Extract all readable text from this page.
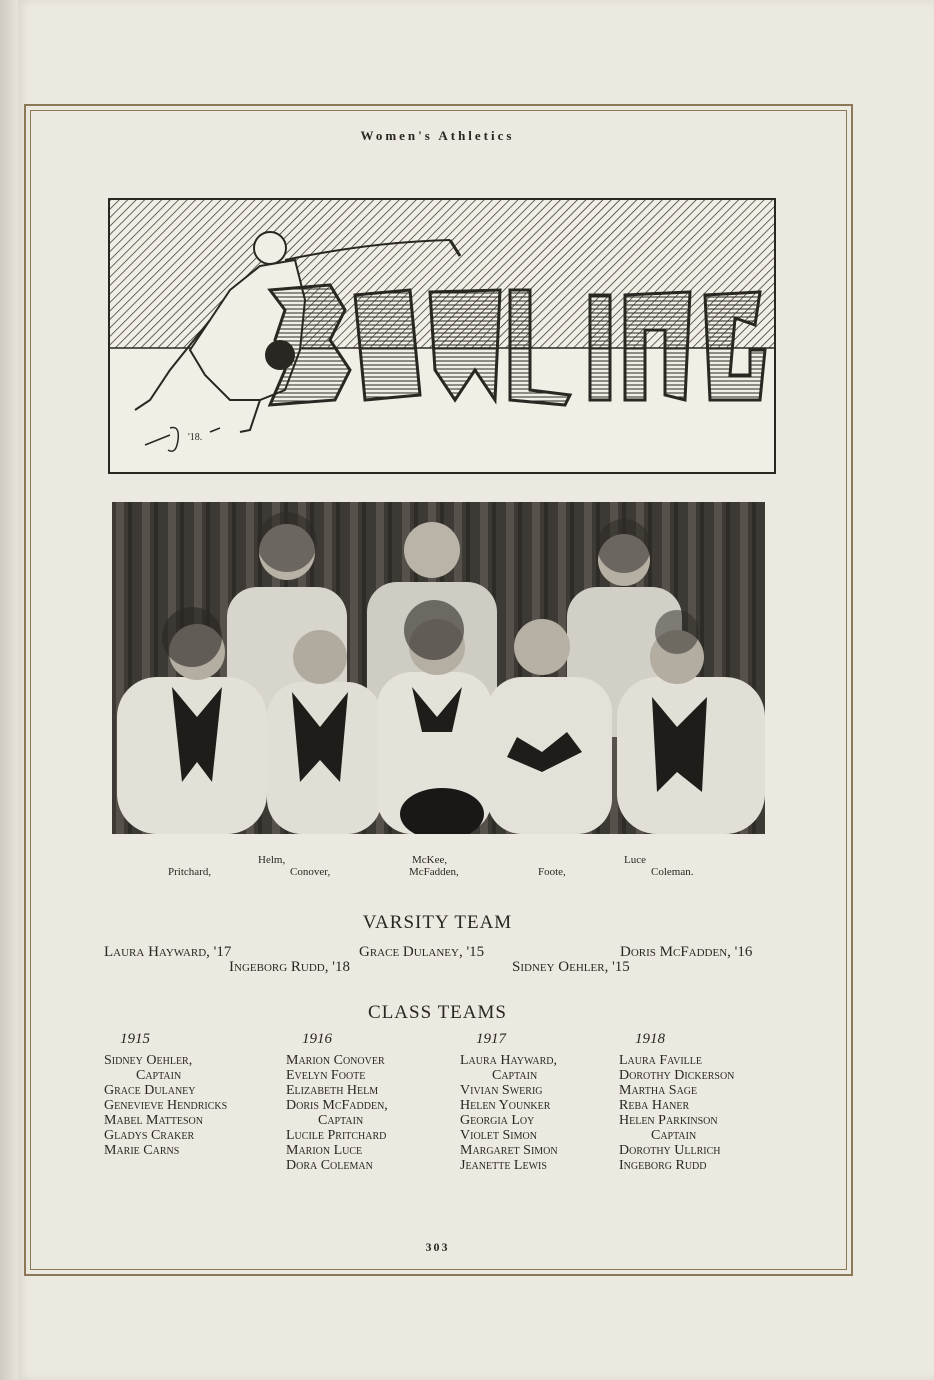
Women's Athletics
'18.
Helm,	McKee,	Luce
Pritchard,	Conover,	McFadden,	Foote,	Coleman.
VARSITY TEAM
Laura Hayward, '17	Grace Dulaney, '15	Doris McFadden, '16
Ingeborg Rudd, '18	Sidney Oehler, '15
CLASS TEAMS
1915
Sidney Oehler,
Captain
Grace Dulaney
Genevieve Hendricks
Mabel Matteson
Gladys Craker
Marie Carns
1916
Marion Conover
Evelyn Foote
Elizabeth Helm
Doris McFadden,
Captain
Lucile Pritchard
Marion Luce
Dora Coleman
1917
Laura Hayward,
Captain
Vivian Swerig
Helen Younker
Georgia Loy
Violet Simon
Margaret Simon
Jeanette Lewis
1918
Laura Faville
Dorothy Dickerson
Martha Sage
Reba Haner
Helen Parkinson
Captain
Dorothy Ullrich
Ingeborg Rudd
303
